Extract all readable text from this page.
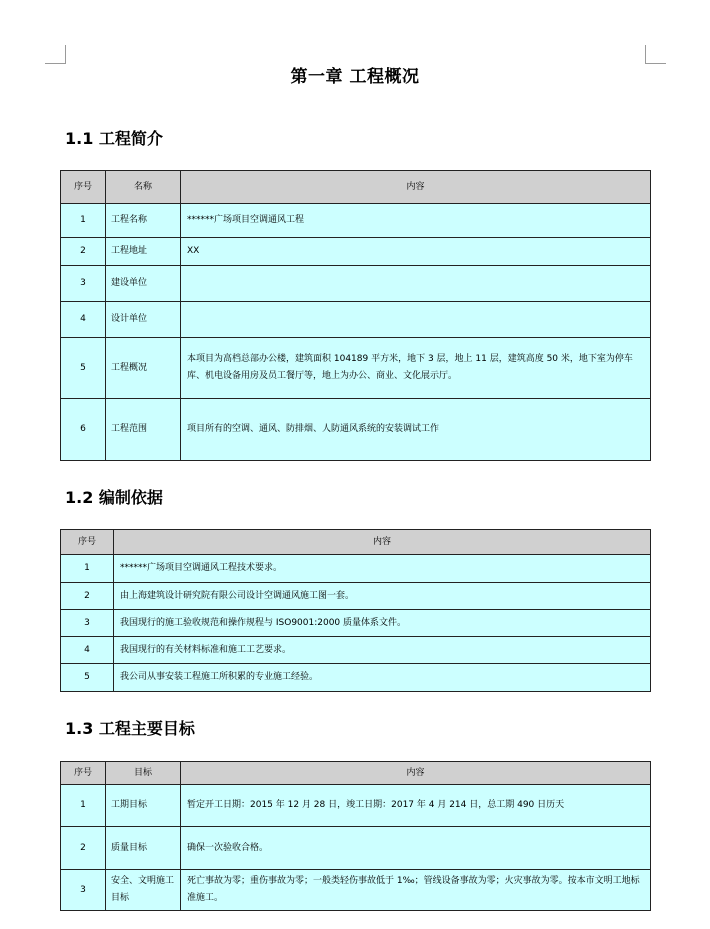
第一章 工程概况
1.1 工程简介
序号	名称	内容
1	工程名称	******广场项目空调通风工程
2	工程地址	XX
3	建设单位	
4	设计单位	
5	工程概况	本项目为高档总部办公楼，建筑面积 104189 平方米，地下 3 层，地上 11 层，建筑高度 50 米，地下室为停车库、机电设备用房及员工餐厅等，地上为办公、商业、文化展示厅。
6	工程范围	项目所有的空调、通风、防排烟、人防通风系统的安装调试工作
1.2 编制依据
序号	内容
1	******广场项目空调通风工程技术要求。
2	由上海建筑设计研究院有限公司设计空调通风施工图一套。
3	我国现行的施工验收规范和操作规程与 ISO9001:2000 质量体系文件。
4	我国现行的有关材料标准和施工工艺要求。
5	我公司从事安装工程施工所积累的专业施工经验。
1.3 工程主要目标
序号	目标	内容
1	工期目标	暂定开工日期：2015 年 12 月 28 日，竣工日期：2017 年 4 月 214 日，总工期 490 日历天
2	质量目标	确保一次验收合格。
3	安全、文明施工目标	死亡事故为零；重伤事故为零；一般类轻伤事故低于 1‰；管线设备事故为零；火灾事故为零。按本市文明工地标准施工。
